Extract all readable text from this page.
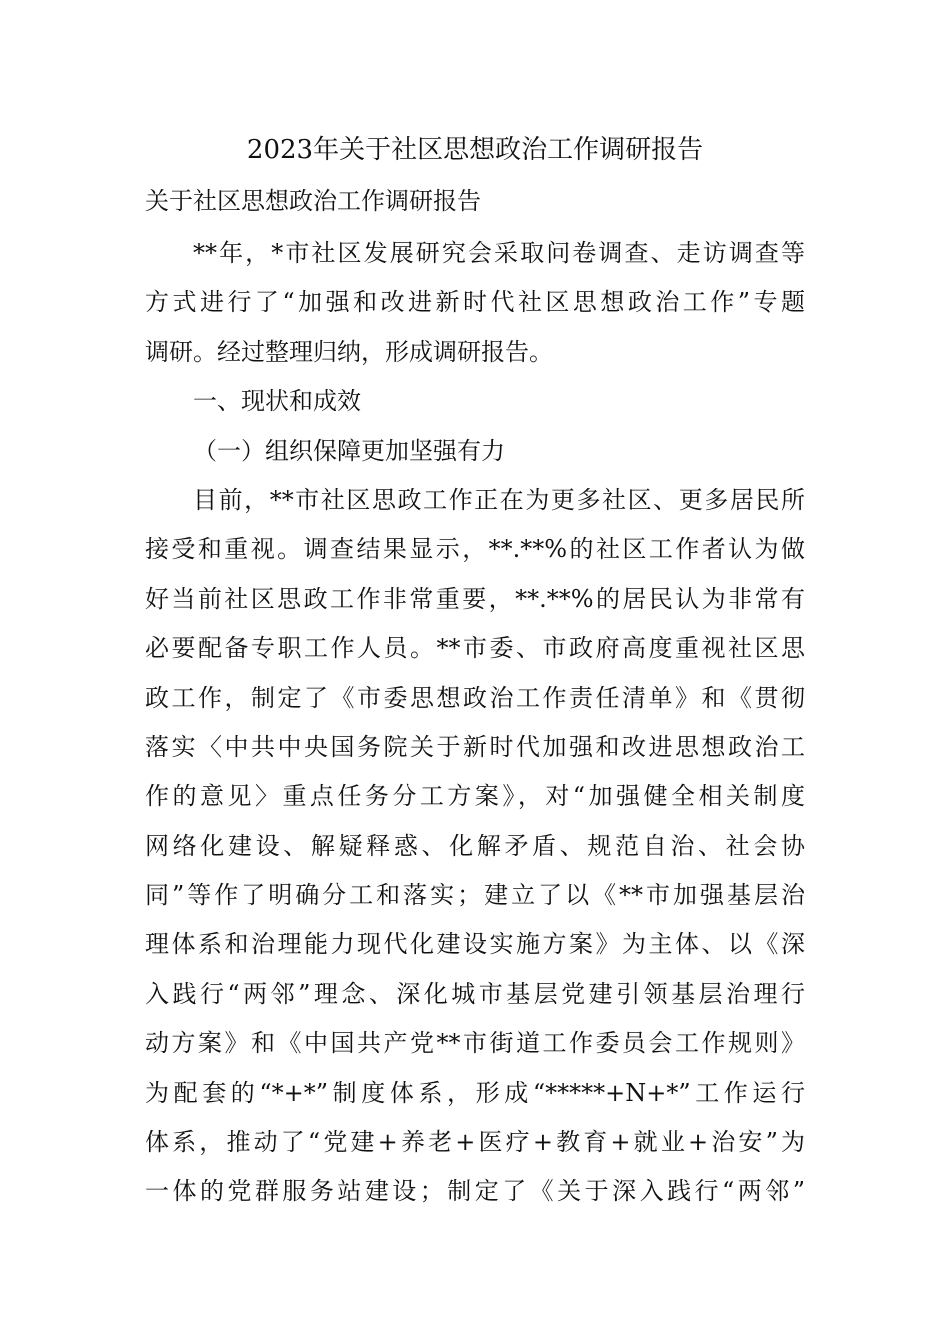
2023年关于社区思想政治工作调研报告
关于社区思想政治工作调研报告
**年，*市社区发展研究会采取问卷调查、走访调查等
方式进行了“加强和改进新时代社区思想政治工作”专题
调研。经过整理归纳，形成调研报告。
一、现状和成效
（一）组织保障更加坚强有力
目前，**市社区思政工作正在为更多社区、更多居民所
接受和重视。调查结果显示，**.**%的社区工作者认为做
好当前社区思政工作非常重要，**.**%的居民认为非常有
必要配备专职工作人员。**市委、市政府高度重视社区思
政工作，制定了《市委思想政治工作责任清单》和《贯彻
落实〈中共中央国务院关于新时代加强和改进思想政治工
作的意见〉重点任务分工方案》，对“加强健全相关制度
网络化建设、解疑释惑、化解矛盾、规范自治、社会协
同”等作了明确分工和落实；建立了以《**市加强基层治
理体系和治理能力现代化建设实施方案》为主体、以《深
入践行“两邻”理念、深化城市基层党建引领基层治理行
动方案》和《中国共产党**市街道工作委员会工作规则》
为配套的“*+*”制度体系，形成“*****+N+*”工作运行
体系，推动了“党建+养老+医疗+教育+就业+治安”为
一体的党群服务站建设；制定了《关于深入践行“两邻”
